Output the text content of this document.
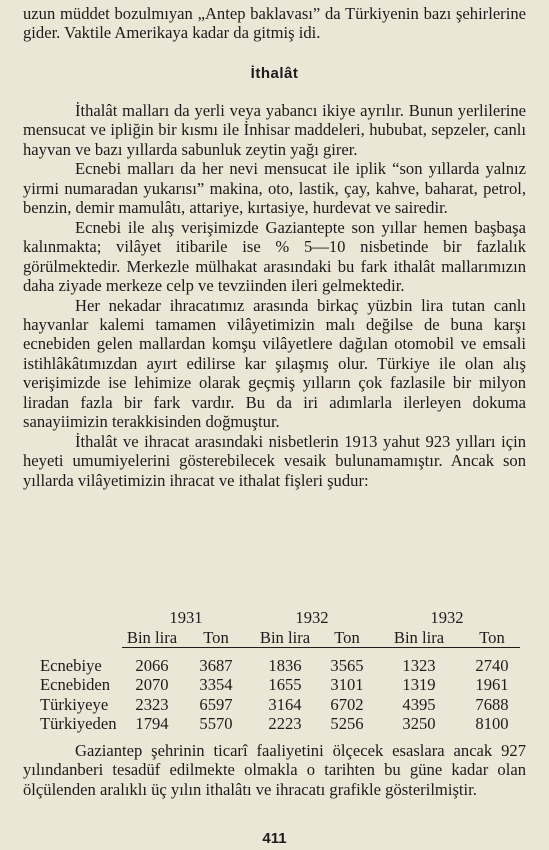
uzun müddet bozulmıyan „Antep baklavası” da Türkiyenin bazı şehirlerine gider. Vaktile Amerikaya kadar da gitmiş idi.

İthalât

İthalât malları da yerli veya yabancı ikiye ayrılır. Bunun yerlilerine mensucat ve ipliğin bir kısmı ile İnhisar maddeleri, hububat, sepzeler, canlı hayvan ve bazı yıllarda sabunluk zeytin yağı girer.

Ecnebi malları da her nevi mensucat ile iplik “son yıllarda yalnız yirmi numaradan yukarısı” makina, oto, lastik, çay, kahve, baharat, petrol, benzin, demir mamulâtı, attariye, kırtasiye, hurdevat ve sairedir.

Ecnebi ile alış verişimizde Gaziantepte son yıllar hemen başbaşa kalınmakta; vilâyet itibarile ise % 5—10 nisbetinde bir fazlalık görülmektedir. Merkezle mülhakat arasındaki bu fark ithalât mallarımızın daha ziyade merkeze celp ve tevziinden ileri gelmektedir.

Her nekadar ihracatımız arasında birkaç yüzbin lira tutan canlı hayvanlar kalemi tamamen vilâyetimizin malı değilse de buna karşı ecnebiden gelen mallardan komşu vilâyetlere dağılan otomobil ve emsali istihlâkâtımızdan ayırt edilirse kar şılaşmış olur. Türkiye ile olan alış verişimizde ise lehimize olarak geçmiş yılların çok fazlasile bir milyon liradan fazla bir fark vardır. Bu da iri adımlarla ilerleyen dokuma sanayiimizin terakkisinden doğmuştur.

İthalât ve ihracat arasındaki nisbetlerin 1913 yahut 923 yılları için heyeti umumiyelerini gösterebilecek vesaik bulunamamıştır. Ancak son yıllarda vilâyetimizin ihracat ve ithalat fişleri şudur:

	1931		1932		1932	
	Bin lira	Ton	Bin lira	Ton	Bin lira	Ton

Ecnebiye	2066	3687	1836	3565	1323	2740
Ecnebiden	2070	3354	1655	3101	1319	1961
Türkiyeye	2323	6597	3164	6702	4395	7688
Türkiyeden	1794	5570	2223	5256	3250	8100

Gaziantep şehrinin ticarî faaliyetini ölçecek esaslara ancak 927 yılındanberi tesadüf edilmekte olmakla o tarihten bu güne kadar olan ölçülenden aralıklı üç yılın ithalâtı ve ihracatı grafikle gösterilmiştir.

411
